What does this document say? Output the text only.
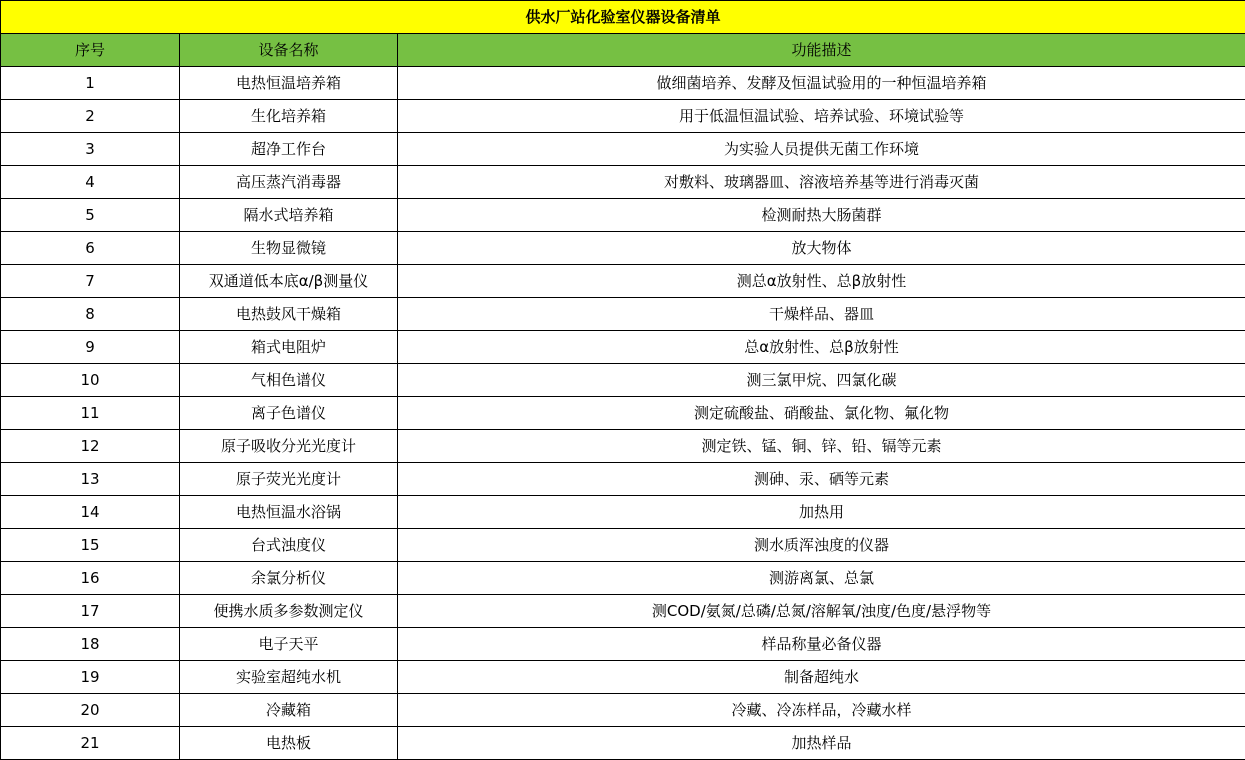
供水厂站化验室仪器设备清单		
序号	设备名称	功能描述
1	电热恒温培养箱	做细菌培养、发酵及恒温试验用的一种恒温培养箱
2	生化培养箱	用于低温恒温试验、培养试验、环境试验等
3	超净工作台	为实验人员提供无菌工作环境
4	高压蒸汽消毒器	对敷料、玻璃器皿、溶液培养基等进行消毒灭菌
5	隔水式培养箱	检测耐热大肠菌群
6	生物显微镜	放大物体
7	双通道低本底α/β测量仪	测总α放射性、总β放射性
8	电热鼓风干燥箱	干燥样品、器皿
9	箱式电阻炉	总α放射性、总β放射性
10	气相色谱仪	测三氯甲烷、四氯化碳
11	离子色谱仪	测定硫酸盐、硝酸盐、氯化物、氟化物
12	原子吸收分光光度计	测定铁、锰、铜、锌、铅、镉等元素
13	原子荧光光度计	测砷、汞、硒等元素
14	电热恒温水浴锅	加热用
15	台式浊度仪	测水质浑浊度的仪器
16	余氯分析仪	测游离氯、总氯
17	便携水质多参数测定仪	测COD/氨氮/总磷/总氮/溶解氧/浊度/色度/悬浮物等
18	电子天平	样品称量必备仪器
19	实验室超纯水机	制备超纯水
20	冷藏箱	冷藏、冷冻样品，冷藏水样
21	电热板	加热样品
